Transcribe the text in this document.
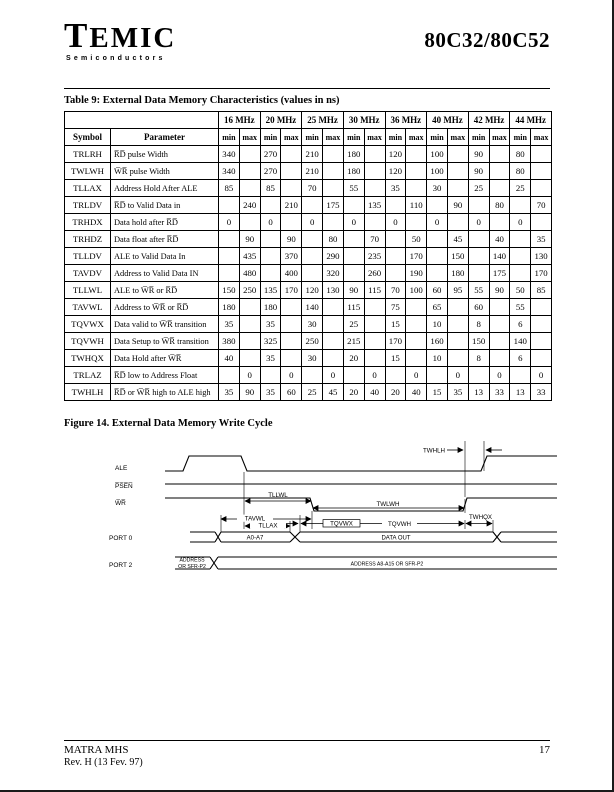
TEMIC
Semiconductors
80C32/80C52
Table 9: External Data Memory Characteristics (values in ns)
		16 MHz		20 MHz		25 MHz		30 MHz		36 MHz		40 MHz		42 MHz		44 MHz	
Symbol	Parameter	min	max	min	max	min	max	min	max	min	max	min	max	min	max	min	max
TRLRH	R̅D̅ pulse Width	340		270		210		180		120		100		90		80	
TWLWH	W̅R̅ pulse Width	340		270		210		180		120		100		90		80	
TLLAX	Address Hold After ALE	85		85		70		55		35		30		25		25	
TRLDV	R̅D̅ to Valid Data in		240		210		175		135		110		90		80		70
TRHDX	Data hold after R̅D̅	0		0		0		0		0		0		0		0	
TRHDZ	Data float after R̅D̅		90		90		80		70		50		45		40		35
TLLDV	ALE to Valid Data In		435		370		290		235		170		150		140		130
TAVDV	Address to Valid Data IN		480		400		320		260		190		180		175		170
TLLWL	ALE to W̅R̅ or R̅D̅	150	250	135	170	120	130	90	115	70	100	60	95	55	90	50	85
TAVWL	Address to W̅R̅ or R̅D̅	180		180		140		115		75		65		60		55	
TQVWX	Data valid to W̅R̅ transition	35		35		30		25		15		10		8		6	
TQVWH	Data Setup to W̅R̅ transition	380		325		250		215		170		160		150		140	
TWHQX	Data Hold after W̅R̅	40		35		30		20		15		10		8		6	
TRLAZ	R̅D̅ low to Address Float		0		0		0		0		0		0		0		0
TWHLH	R̅D̅ or W̅R̅ high to ALE high	35	90	35	60	25	45	20	40	20	40	15	35	13	33	13	33
Figure 14. External Data Memory Write Cycle
ALE
P̅S̅E̅N̅
W̅R̅
PORT 0
PORT 2
TWHLH
TLLWL
TWLWH
TAVWL
TLLAX	TQVWX	TQVWH
TWHQX
A0-A7	DATA OUT
ADDRESS
OR SFR-P2	ADDRESS A8-A15 OR SFR-P2
MATRA MHS
Rev. H (13 Fev. 97)
17
